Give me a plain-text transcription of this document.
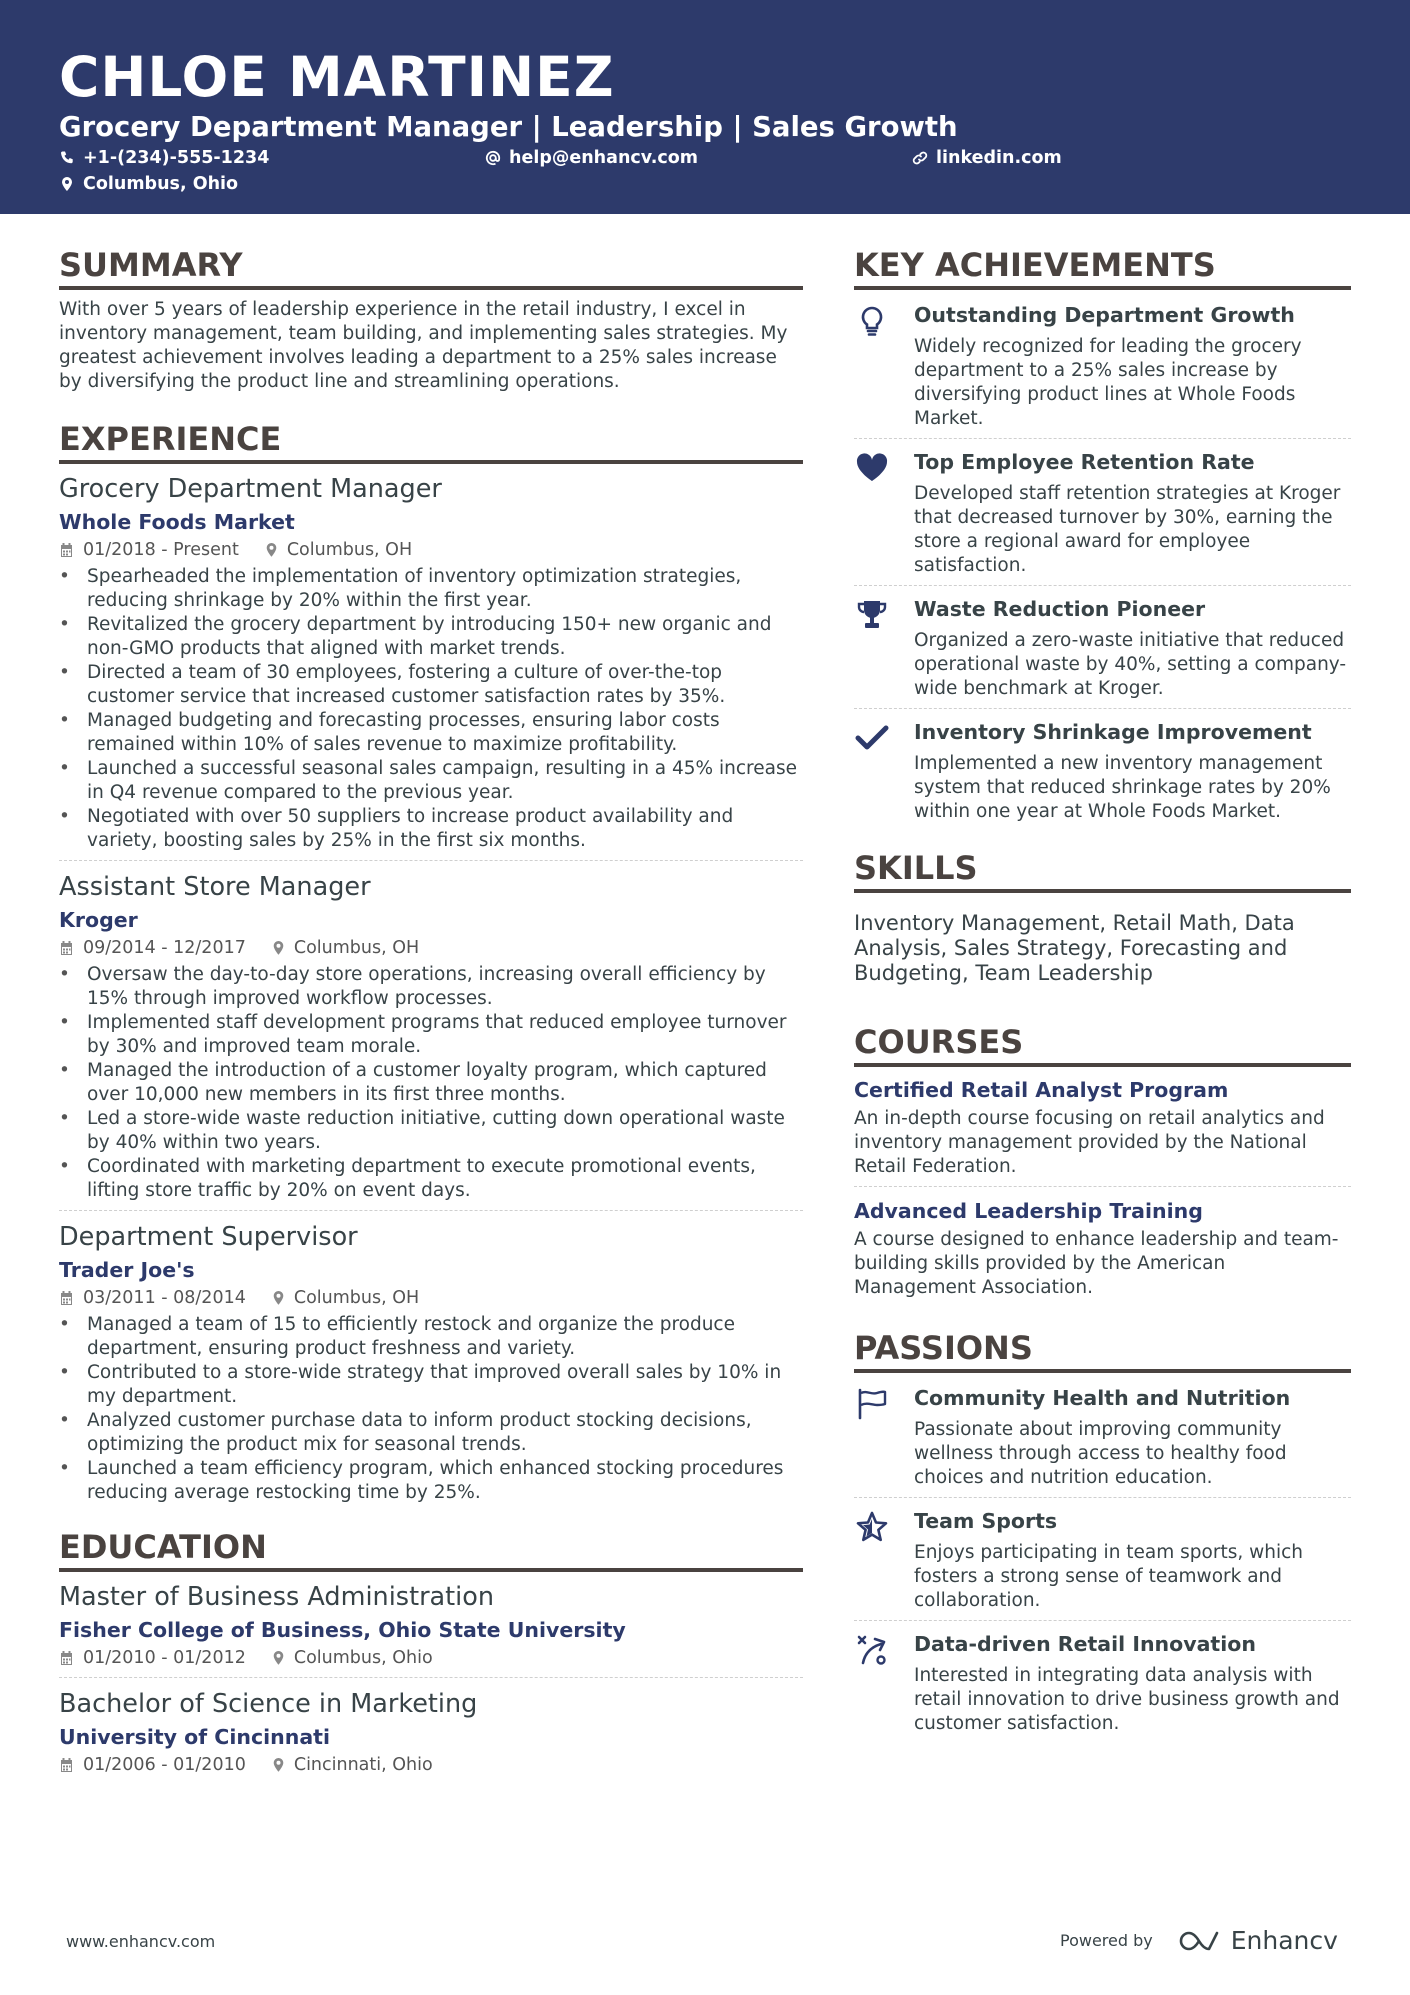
CHLOE MARTINEZ
Grocery Department Manager | Leadership | Sales Growth
+1-(234)-555-1234	help@enhancv.com	linkedin.com
Columbus, Ohio
SUMMARY
With over 5 years of leadership experience in the retail industry, I excel in inventory management, team building, and implementing sales strategies. My greatest achievement involves leading a department to a 25% sales increase by diversifying the product line and streamlining operations.
EXPERIENCE
Grocery Department Manager
Whole Foods Market
01/2018 - Present	Columbus, OH
• Spearheaded the implementation of inventory optimization strategies, reducing shrinkage by 20% within the first year.
• Revitalized the grocery department by introducing 150+ new organic and non-GMO products that aligned with market trends.
• Directed a team of 30 employees, fostering a culture of over-the-top customer service that increased customer satisfaction rates by 35%.
• Managed budgeting and forecasting processes, ensuring labor costs remained within 10% of sales revenue to maximize profitability.
• Launched a successful seasonal sales campaign, resulting in a 45% increase in Q4 revenue compared to the previous year.
• Negotiated with over 50 suppliers to increase product availability and variety, boosting sales by 25% in the first six months.
Assistant Store Manager
Kroger
09/2014 - 12/2017	Columbus, OH
• Oversaw the day-to-day store operations, increasing overall efficiency by 15% through improved workflow processes.
• Implemented staff development programs that reduced employee turnover by 30% and improved team morale.
• Managed the introduction of a customer loyalty program, which captured over 10,000 new members in its first three months.
• Led a store-wide waste reduction initiative, cutting down operational waste by 40% within two years.
• Coordinated with marketing department to execute promotional events, lifting store traffic by 20% on event days.
Department Supervisor
Trader Joe's
03/2011 - 08/2014	Columbus, OH
• Managed a team of 15 to efficiently restock and organize the produce department, ensuring product freshness and variety.
• Contributed to a store-wide strategy that improved overall sales by 10% in my department.
• Analyzed customer purchase data to inform product stocking decisions, optimizing the product mix for seasonal trends.
• Launched a team efficiency program, which enhanced stocking procedures reducing average restocking time by 25%.
EDUCATION
Master of Business Administration
Fisher College of Business, Ohio State University
01/2010 - 01/2012	Columbus, Ohio
Bachelor of Science in Marketing
University of Cincinnati
01/2006 - 01/2010	Cincinnati, Ohio
KEY ACHIEVEMENTS
Outstanding Department Growth

Widely recognized for leading the grocery department to a 25% sales increase by diversifying product lines at Whole Foods Market.

Top Employee Retention Rate

Developed staff retention strategies at Kroger that decreased turnover by 30%, earning the store a regional award for employee satisfaction.

Waste Reduction Pioneer

Organized a zero-waste initiative that reduced operational waste by 40%, setting a company-wide benchmark at Kroger.

Inventory Shrinkage Improvement

Implemented a new inventory management system that reduced shrinkage rates by 20% within one year at Whole Foods Market.

SKILLS
Inventory Management, Retail Math, Data Analysis, Sales Strategy, Forecasting and Budgeting, Team Leadership
COURSES
Certified Retail Analyst Program
An in-depth course focusing on retail analytics and inventory management provided by the National Retail Federation.
Advanced Leadership Training
A course designed to enhance leadership and team-building skills provided by the American Management Association.
PASSIONS
Community Health and Nutrition

Passionate about improving community wellness through access to healthy food choices and nutrition education.

Team Sports

Enjoys participating in team sports, which fosters a strong sense of teamwork and collaboration.

Data-driven Retail Innovation

Interested in integrating data analysis with retail innovation to drive business growth and customer satisfaction.

www.enhancv.com	Powered by	Enhancv
